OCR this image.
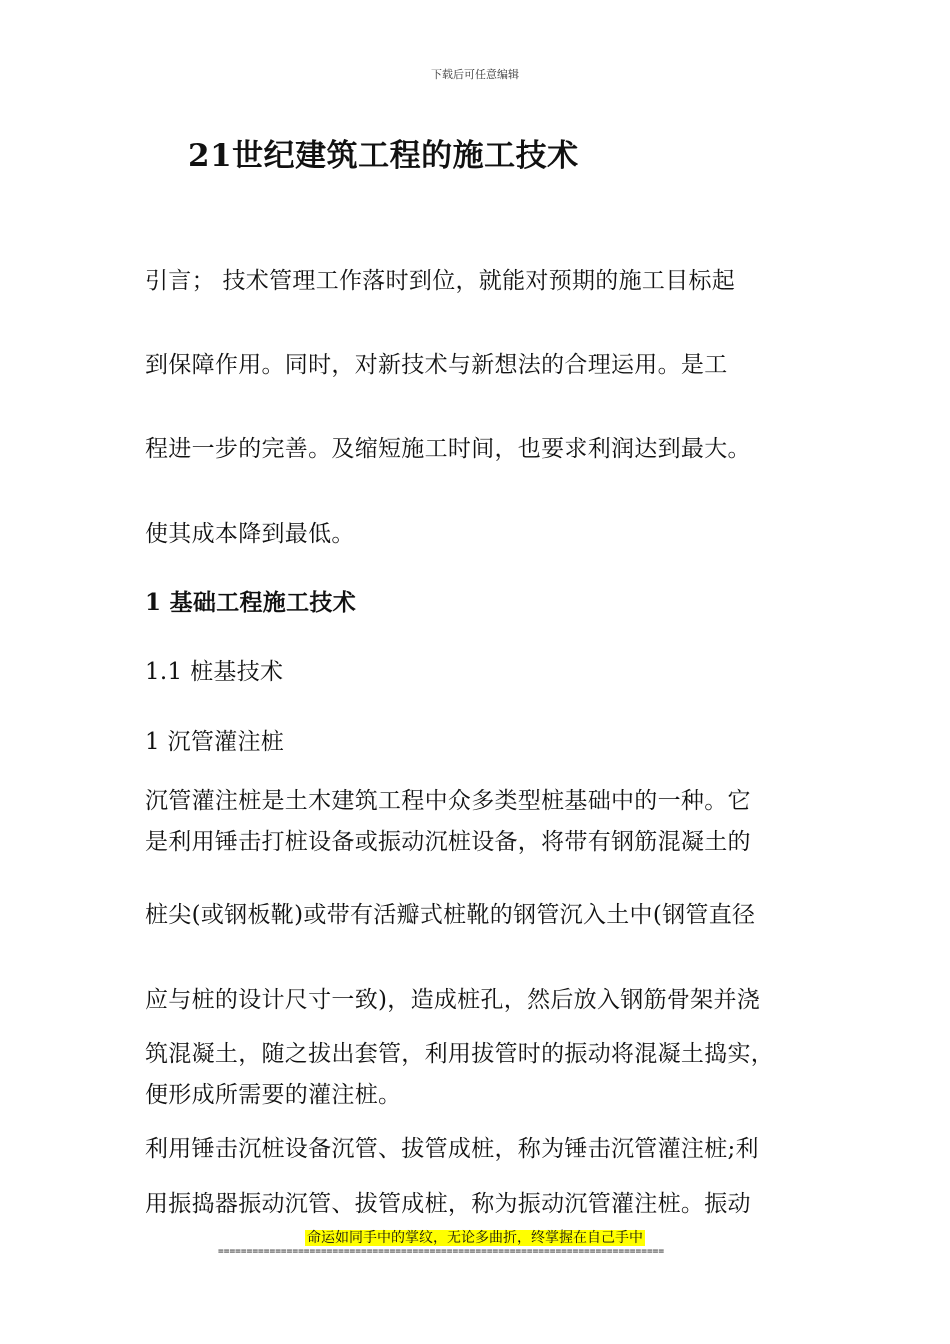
下载后可任意编辑
21世纪建筑工程的施工技术
引言； 技术管理工作落时到位，就能对预期的施工目标起
到保障作用。同时，对新技术与新想法的合理运用。是工
程进一步的完善。及缩短施工时间，也要求利润达到最大。
使其成本降到最低。
1 基础工程施工技术
1.1 桩基技术
1 沉管灌注桩
沉管灌注桩是土木建筑工程中众多类型桩基础中的一种。它
是利用锤击打桩设备或振动沉桩设备，将带有钢筋混凝土的
桩尖(或钢板靴)或带有活瓣式桩靴的钢管沉入土中(钢管直径
应与桩的设计尺寸一致)，造成桩孔，然后放入钢筋骨架并浇
筑混凝土，随之拔出套管，利用拔管时的振动将混凝土捣实，
便形成所需要的灌注桩。
利用锤击沉桩设备沉管、拔管成桩，称为锤击沉管灌注桩;利
用振捣器振动沉管、拔管成桩，称为振动沉管灌注桩。振动
命运如同手中的掌纹，无论多曲折，终掌握在自己手中
==============================================================================
